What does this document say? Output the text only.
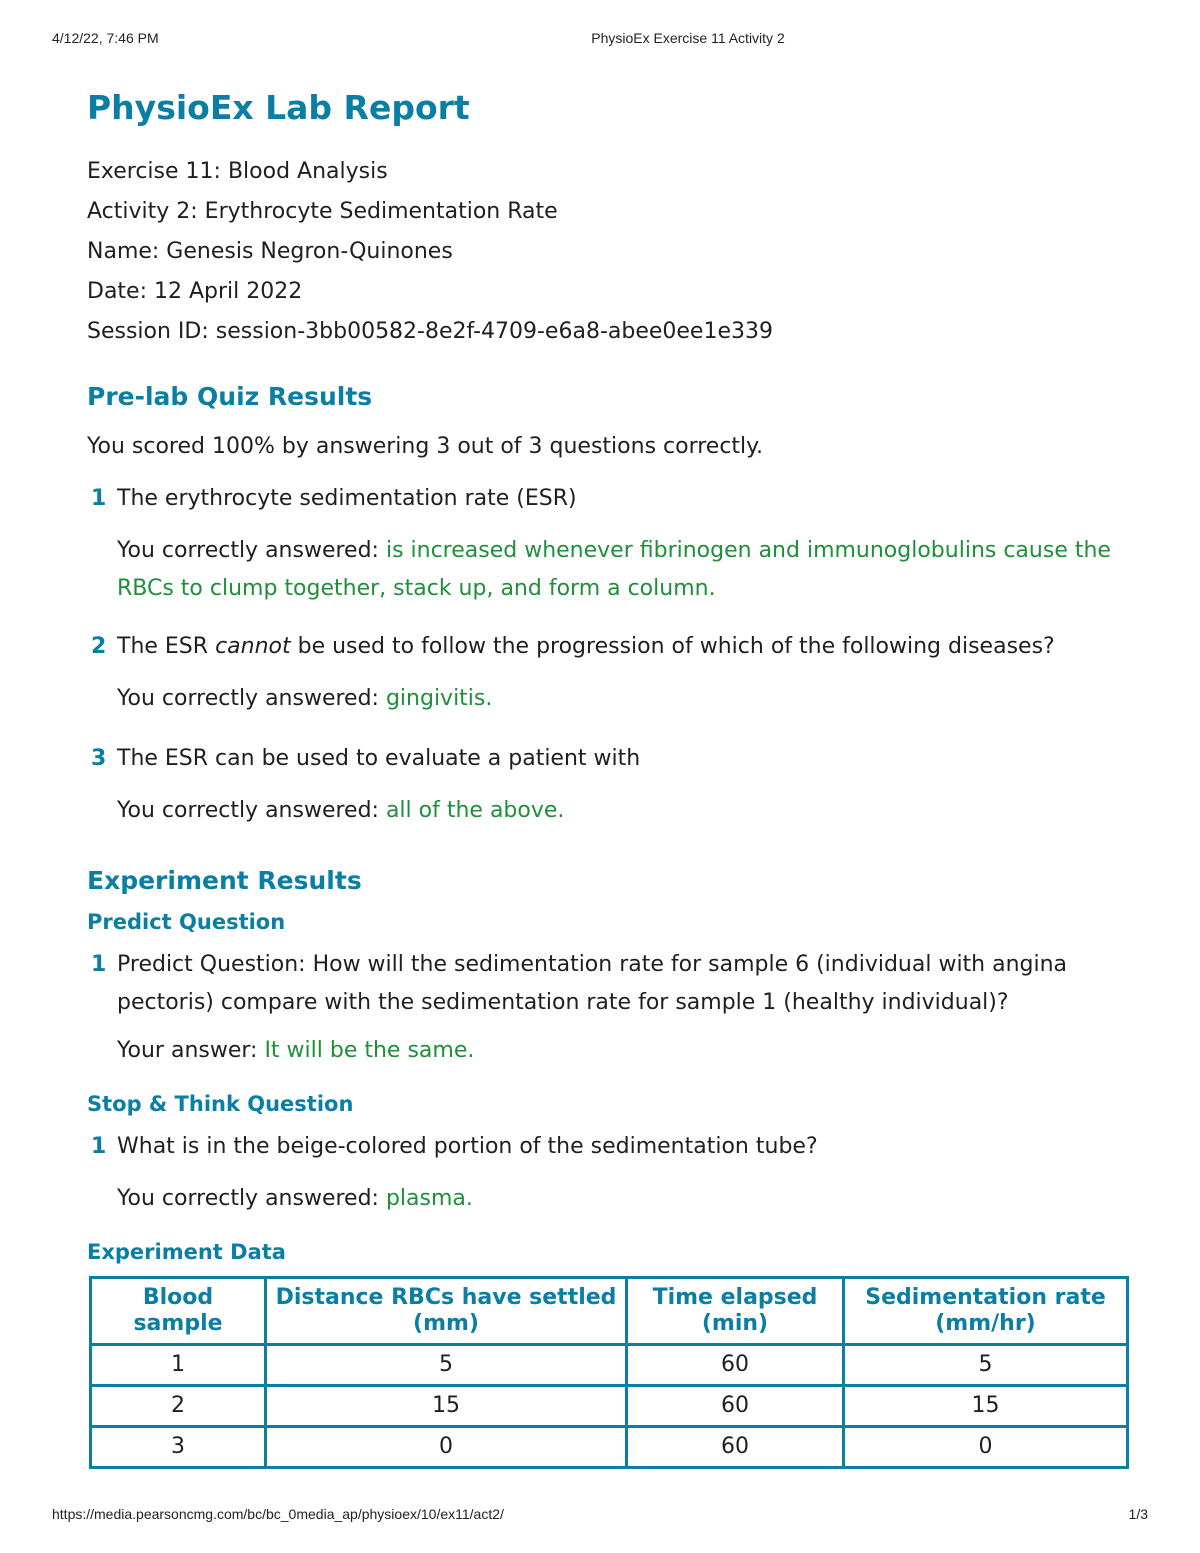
4/12/22, 7:46 PM	PhysioEx Exercise 11 Activity 2
PhysioEx Lab Report

Exercise 11: Blood Analysis

Activity 2: Erythrocyte Sedimentation Rate

Name: Genesis Negron-Quinones

Date: 12 April 2022

Session ID: session-3bb00582-8e2f-4709-e6a8-abee0ee1e339

Pre-lab Quiz Results

You scored 100% by answering 3 out of 3 questions correctly.

1 The erythrocyte sedimentation rate (ESR)
You correctly answered: is increased whenever fibrinogen and immunoglobulins cause the RBCs to clump together, stack up, and form a column.
2 The ESR cannot be used to follow the progression of which of the following diseases?
You correctly answered: gingivitis.
3 The ESR can be used to evaluate a patient with
You correctly answered: all of the above.
Experiment Results
Predict Question
1 Predict Question: How will the sedimentation rate for sample 6 (individual with angina pectoris) compare with the sedimentation rate for sample 1 (healthy individual)?
Your answer: It will be the same.
Stop & Think Question
1 What is in the beige-colored portion of the sedimentation tube?
You correctly answered: plasma.
Experiment Data
Blood sample	Distance RBCs have settled (mm)	Time elapsed (min)	Sedimentation rate (mm/hr)
1	5	60	5
2	15	60	15
3	0	60	0
https://media.pearsoncmg.com/bc/bc_0media_ap/physioex/10/ex11/act2/	1/3
